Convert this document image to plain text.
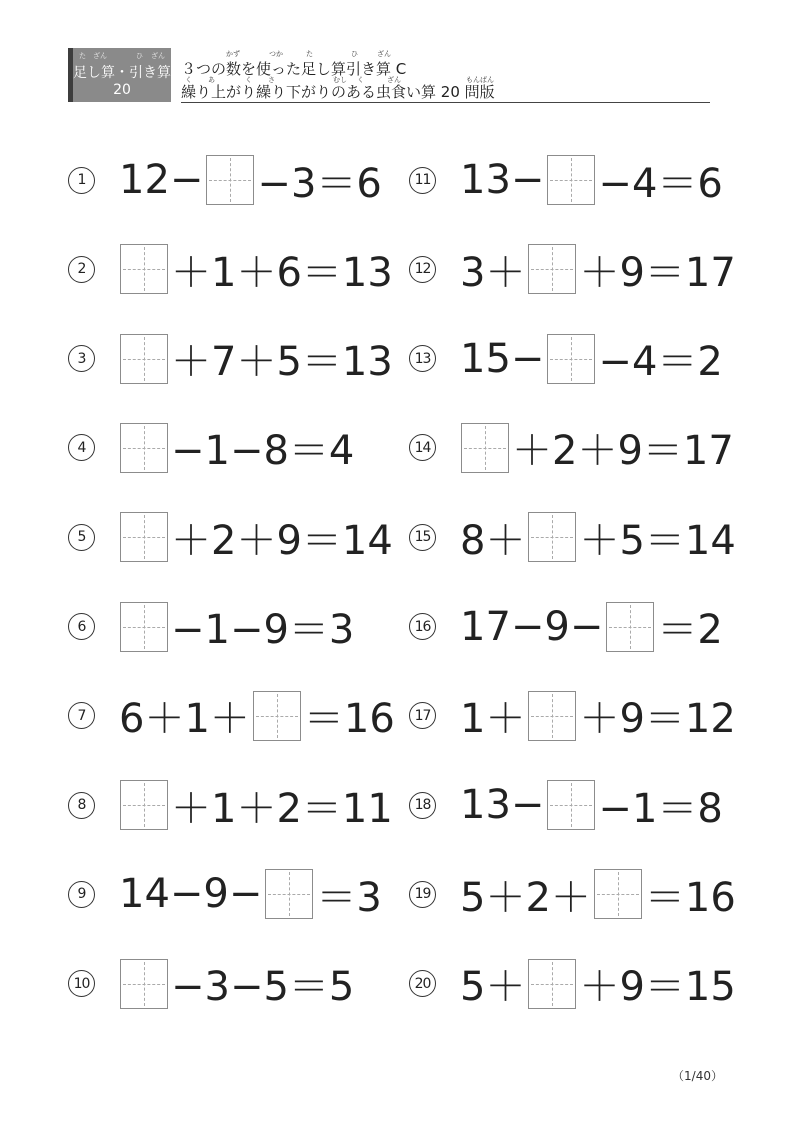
た ざん	ひ ざん
足し算・引き算
20
かず	つか	た	ひ	ざん
３つの数を使った足し算引き算 C
く あ	く さ	むし く	ざん	もんばん
繰り上がり繰り下がりのある虫食い算 20 問版
1 12− −3＝6
2 ＋1＋6＝13
3 ＋7＋5＝13
4 −1−8＝4
5 ＋2＋9＝14
6 −1−9＝3
7 6＋1＋ ＝16
8 ＋1＋2＝11
9 14−9− ＝3
10 −3−5＝5
11 13− −4＝6
12 3＋ ＋9＝17
13 15− −4＝2
14 ＋2＋9＝17
15 8＋ ＋5＝14
16 17−9− ＝2
17 1＋ ＋9＝12
18 13− −1＝8
19 5＋2＋ ＝16
20 5＋ ＋9＝15
（1/40）
